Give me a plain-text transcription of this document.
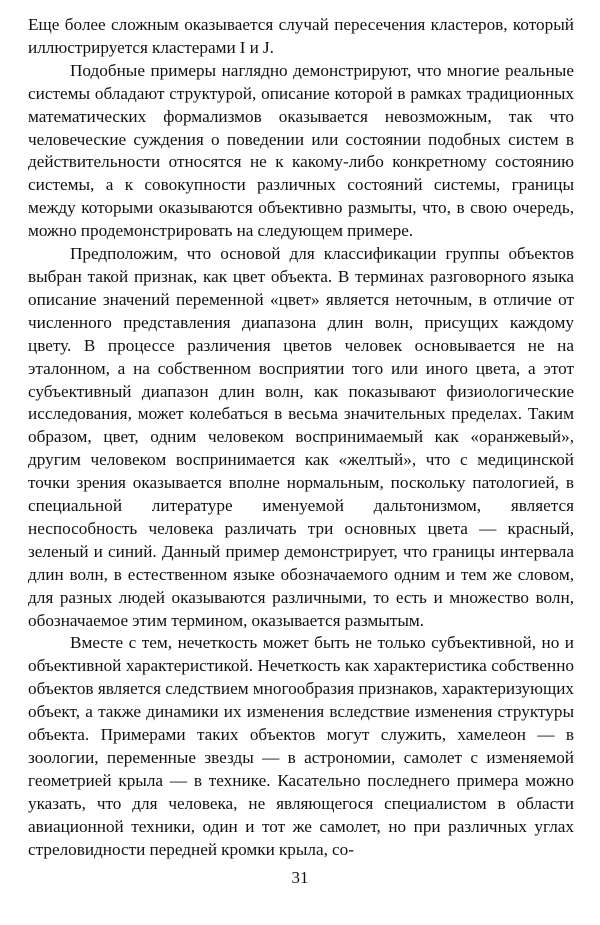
Еще более сложным оказывается случай пересечения кластеров, который иллюстрируется кластерами I и J.

Подобные примеры наглядно демонстрируют, что многие реальные системы обладают структурой, описание которой в рамках традиционных математических формализмов оказывается невозможным, так что человеческие суждения о поведении или состоянии подобных систем в действительности относятся не к какому-либо конкретному состоянию системы, а к совокупности различных состояний системы, границы между которыми оказываются объективно размыты, что, в свою очередь, можно продемонстрировать на следующем примере.

Предположим, что основой для классификации группы объектов выбран такой признак, как цвет объекта. В терминах разговорного языка описание значений переменной «цвет» является неточным, в отличие от численного представления диапазона длин волн, присущих каждому цвету. В процессе различения цветов человек основывается не на эталонном, а на собственном восприятии того или иного цвета, а этот субъективный диапазон длин волн, как показывают физиологические исследования, может колебаться в весьма значительных пределах. Таким образом, цвет, одним человеком воспринимаемый как «оранжевый», другим человеком воспринимается как «желтый», что с медицинской точки зрения оказывается вполне нормальным, поскольку патологией, в специальной литературе именуемой дальтонизмом, является неспособность человека различать три основных цвета — красный, зеленый и синий. Данный пример демонстрирует, что границы интервала длин волн, в естественном языке обозначаемого одним и тем же словом, для разных людей оказываются различными, то есть и множество волн, обозначаемое этим термином, оказывается размытым.

Вместе с тем, нечеткость может быть не только субъективной, но и объективной характеристикой. Нечеткость как характеристика собственно объектов является следствием многообразия признаков, характеризующих объект, а также динамики их изменения вследствие изменения структуры объекта. Примерами таких объектов могут служить, хамелеон — в зоологии, переменные звезды — в астрономии, самолет с изменяемой геометрией крыла — в технике. Касательно последнего примера можно указать, что для человека, не являющегося специалистом в области авиационной техники, один и тот же самолет, но при различных углах стреловидности передней кромки крыла, со-

31
